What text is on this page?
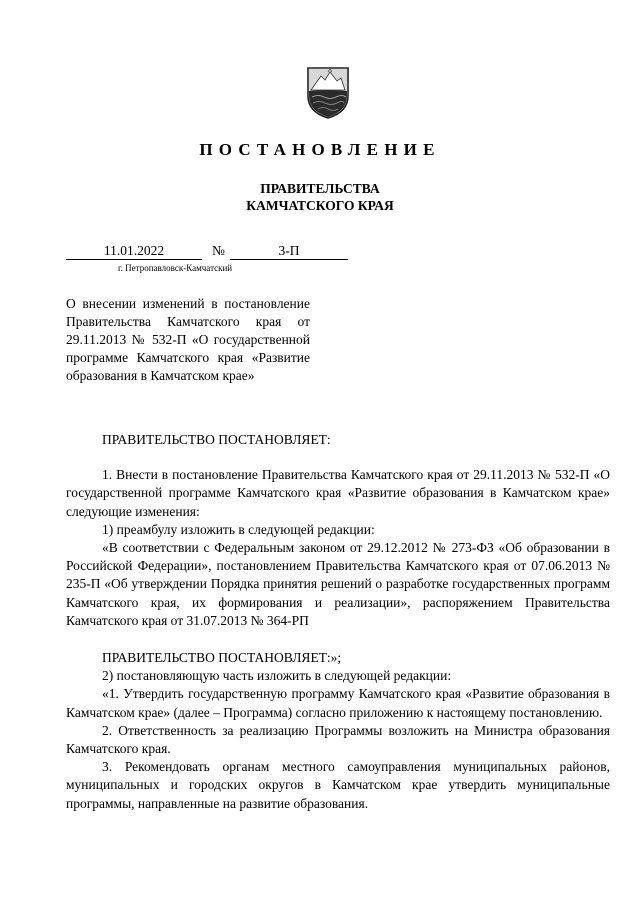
ПОСТАНОВЛЕНИЕ
ПРАВИТЕЛЬСТВА
КАМЧАТСКОГО КРАЯ
11.01.2022	№	3-П
г. Петропавловск-Камчатский
О внесении изменений в постановление Правительства Камчатского края от 29.11.2013 № 532-П «О государственной программе Камчатского края «Развитие образования в Камчатском крае»

ПРАВИТЕЛЬСТВО ПОСТАНОВЛЯЕТ:

1. Внести в постановление Правительства Камчатского края от 29.11.2013 № 532-П «О государственной программе Камчатского края «Развитие образования в Камчатском крае» следующие изменения:

1) преамбулу изложить в следующей редакции:

«В соответствии с Федеральным законом от 29.12.2012 № 273-ФЗ «Об образовании в Российской Федерации», постановлением Правительства Камчатского края от 07.06.2013 № 235-П «Об утверждении Порядка принятия решений о разработке государственных программ Камчатского края, их формирования и реализации», распоряжением Правительства Камчатского края от 31.07.2013 № 364-РП

ПРАВИТЕЛЬСТВО ПОСТАНОВЛЯЕТ:»;

2) постановляющую часть изложить в следующей редакции:

«1. Утвердить государственную программу Камчатского края «Развитие образования в Камчатском крае» (далее – Программа) согласно приложению к настоящему постановлению.

2. Ответственность за реализацию Программы возложить на Министра образования Камчатского края.

3. Рекомендовать органам местного самоуправления муниципальных районов, муниципальных и городских округов в Камчатском крае утвердить муниципальные программы, направленные на развитие образования.
